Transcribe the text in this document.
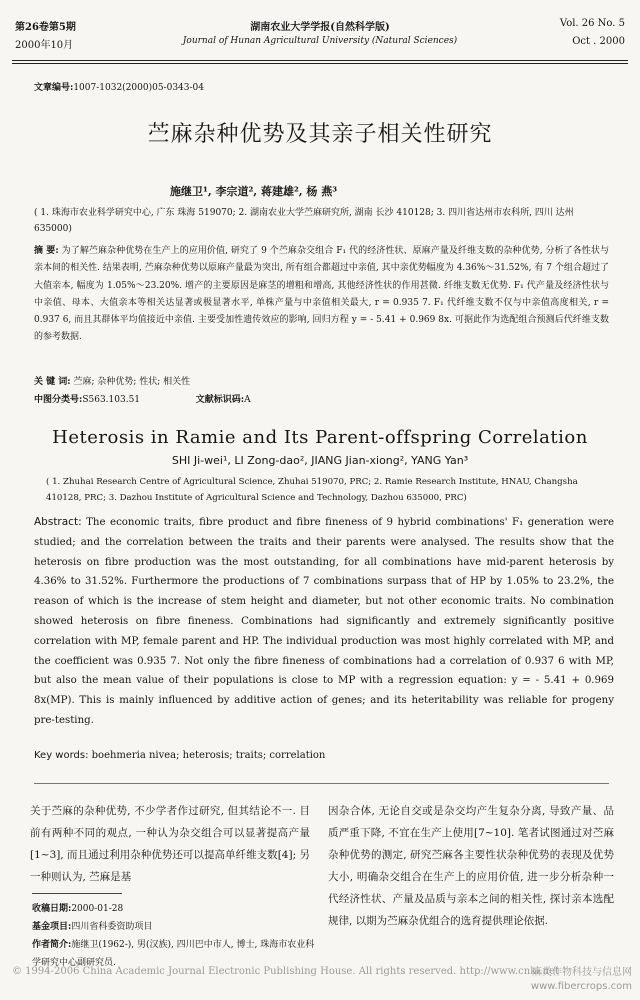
第26卷第5期
2000年10月
湖南农业大学学报(自然科学版)
Journal of Hunan Agricultural University (Natural Sciences)
Vol. 26 No. 5
Oct . 2000
文章编号:1007-1032(2000)05-0343-04
苎麻杂种优势及其亲子相关性研究
施继卫¹, 李宗道², 蒋建雄², 杨 燕³
( 1. 珠海市农业科学研究中心, 广东 珠海 519070; 2. 湖南农业大学苎麻研究所, 湖南 长沙 410128; 3. 四川省达州市农科所, 四川 达州 635000)
摘 要: 为了解苎麻杂种优势在生产上的应用价值, 研究了 9 个苎麻杂交组合 F₁ 代的经济性状、原麻产量及纤维支数的杂种优势, 分析了各性状与亲本间的相关性. 结果表明, 苎麻杂种优势以原麻产量最为突出, 所有组合都超过中亲值, 其中亲优势幅度为 4.36%～31.52%, 有 7 个组合超过了大值亲本, 幅度为 1.05%～23.20%. 增产的主要原因是麻茎的增粗和增高, 其他经济性状的作用甚微. 纤维支数无优势. F₁ 代产量及经济性状与中亲值、母本、大值亲本等相关达显著或极显著水平, 单株产量与中亲值相关最大, r = 0.935 7. F₁ 代纤维支数不仅与中亲值高度相关, r = 0.937 6, 而且其群体平均值接近中亲值. 主要受加性遗传效应的影响, 回归方程 y = - 5.41 + 0.969 8x. 可据此作为选配组合预测后代纤维支数的参考数据.
关 键 词: 苎麻; 杂种优势; 性状; 相关性
中图分类号:S563.103.51	文献标识码:A
Heterosis in Ramie and Its Parent-offspring Correlation
SHI Ji-wei¹, LI Zong-dao², JIANG Jian-xiong², YANG Yan³
( 1. Zhuhai Research Centre of Agricultural Science, Zhuhai 519070, PRC; 2. Ramie Research Institute, HNAU, Changsha 410128, PRC; 3. Dazhou Institute of Agricultural Science and Technology, Dazhou 635000, PRC)
Abstract: The economic traits, fibre product and fibre fineness of 9 hybrid combinations' F₁ generation were studied; and the correlation between the traits and their parents were analysed. The results show that the heterosis on fibre production was the most outstanding, for all combinations have mid-parent heterosis by 4.36% to 31.52%. Furthermore the productions of 7 combinations surpass that of HP by 1.05% to 23.2%, the reason of which is the increase of stem height and diameter, but not other economic traits. No combination showed heterosis on fibre fineness. Combinations had significantly and extremely significantly positive correlation with MP, female parent and HP. The individual production was most highly correlated with MP, and the coefficient was 0.935 7. Not only the fibre fineness of combinations had a correlation of 0.937 6 with MP, but also the mean value of their populations is close to MP with a regression equation: y = - 5.41 + 0.969 8x(MP). This is mainly influenced by additive action of genes; and its heteritability was reliable for progeny pre-testing.
Key words: boehmeria nivea; heterosis; traits; correlation
关于苎麻的杂种优势, 不少学者作过研究, 但其结论不一. 目前有两种不同的观点, 一种认为杂交组合可以显著提高产量[1~3], 而且通过利用杂种优势还可以提高单纤维支数[4]; 另一种则认为, 苎麻是基
因杂合体, 无论自交或是杂交均产生复杂分离, 导致产量、品质严重下降, 不宜在生产上使用[7~10]. 笔者试图通过对苎麻杂种优势的测定, 研究苎麻各主要性状杂种优势的表现及优势大小, 明确杂交组合在生产上的应用价值, 进一步分析杂种一代经济性状、产量及品质与亲本之间的相关性, 探讨亲本选配规律, 以期为苎麻杂优组合的选育提供理论依据.
收稿日期:2000-01-28
基金项目:四川省科委资助项目
作者简介:施继卫(1962-), 男(汉族), 四川巴中市人, 博士, 珠海市农业科学研究中心副研究员.
© 1994-2006 China Academic Journal Electronic Publishing House. All rights reserved. http://www.cnki.net
麻类作物科技与信息网
www.fibercrops.com
